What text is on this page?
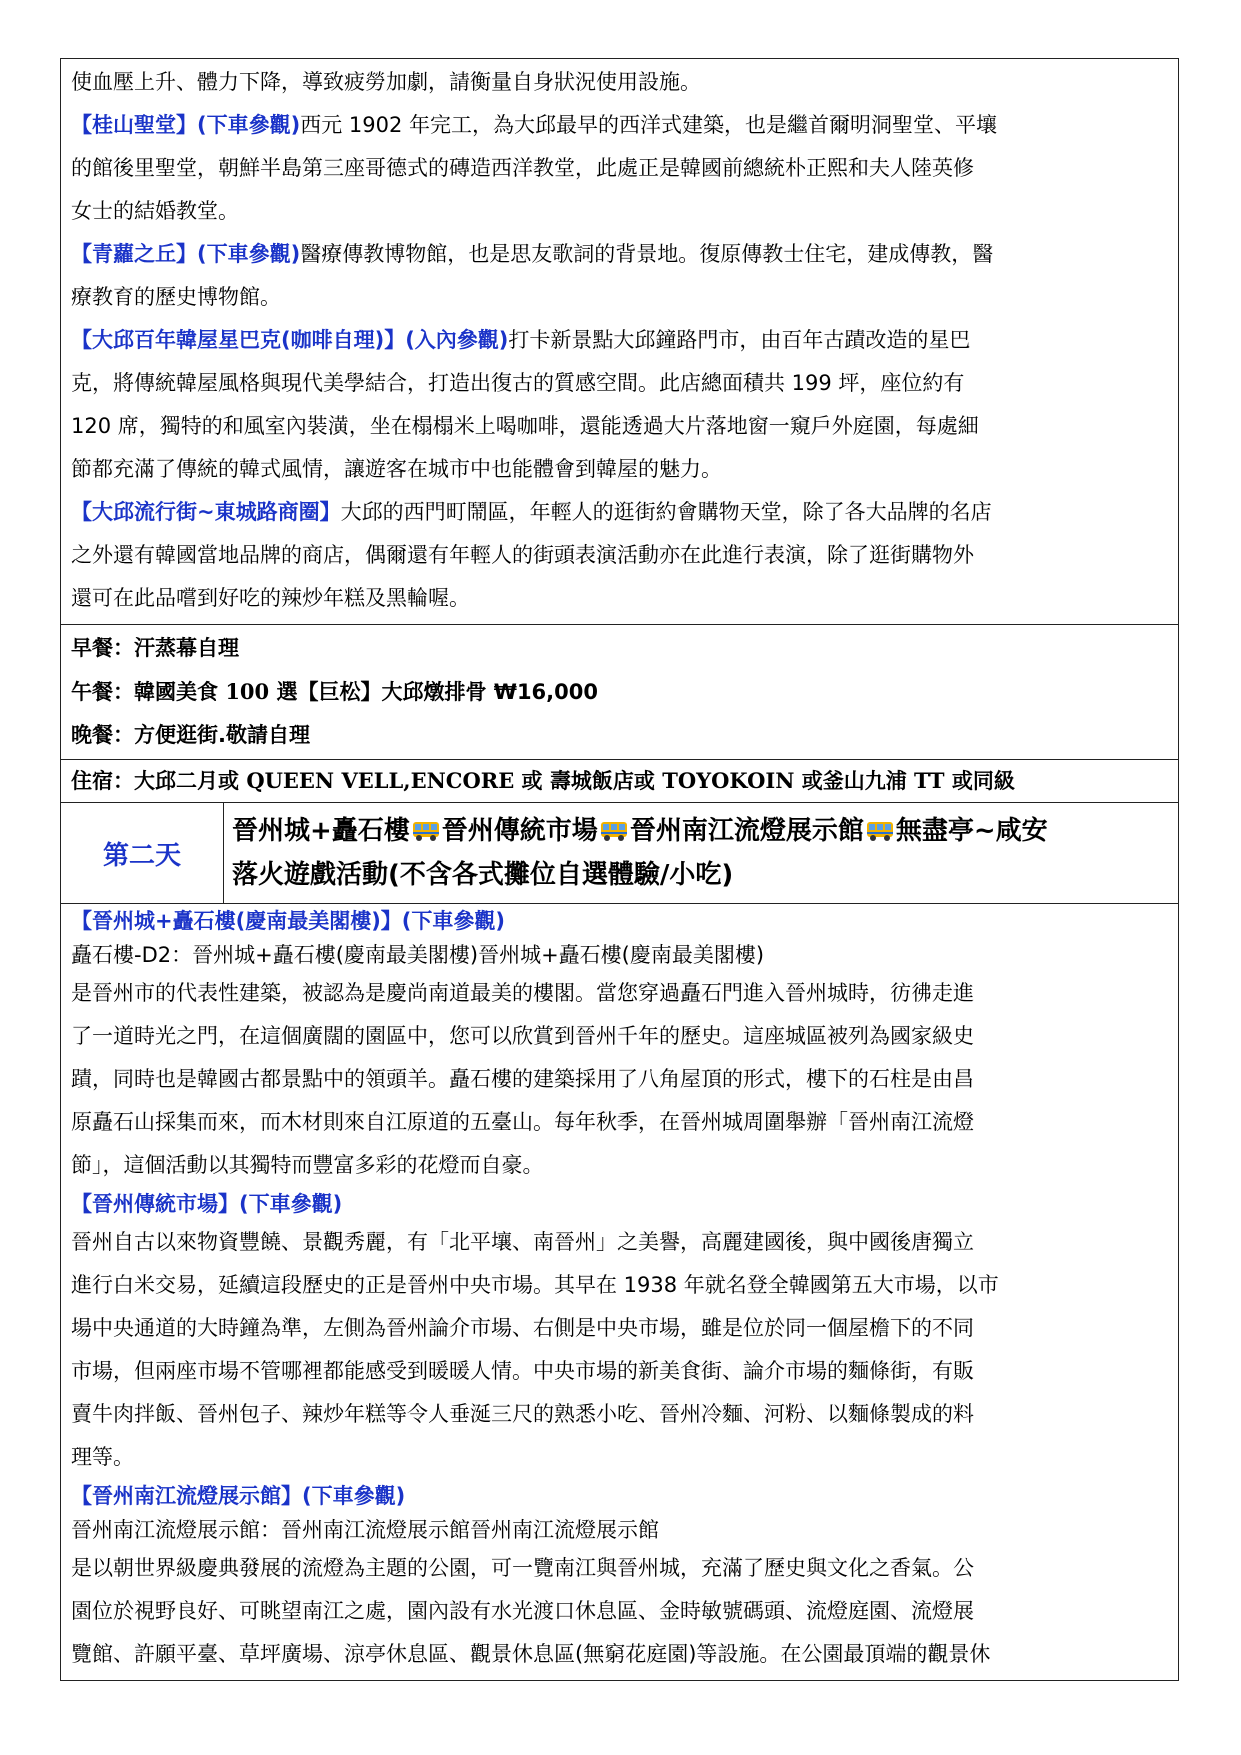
使血壓上升、體力下降，導致疲勞加劇，請衡量自身狀況使用設施。

【桂山聖堂】(下車參觀)西元 1902 年完工，為大邱最早的西洋式建築，也是繼首爾明洞聖堂、平壤
的館後里聖堂，朝鮮半島第三座哥德式的磚造西洋教堂，此處正是韓國前總統朴正熙和夫人陸英修
女士的結婚教堂。

【青蘿之丘】(下車參觀)醫療傳教博物館，也是思友歌詞的背景地。復原傳教士住宅，建成傳教，醫
療教育的歷史博物館。

【大邱百年韓屋星巴克(咖啡自理)】(入內參觀)打卡新景點大邱鐘路門市，由百年古蹟改造的星巴
克，將傳統韓屋風格與現代美學結合，打造出復古的質感空間。此店總面積共 199 坪，座位約有
120 席，獨特的和風室內裝潢，坐在榻榻米上喝咖啡，還能透過大片落地窗一窺戶外庭園，每處細
節都充滿了傳統的韓式風情，讓遊客在城市中也能體會到韓屋的魅力。

【大邱流行街~東城路商圈】大邱的西門町鬧區，年輕人的逛街約會購物天堂，除了各大品牌的名店
之外還有韓國當地品牌的商店，偶爾還有年輕人的街頭表演活動亦在此進行表演，除了逛街購物外
還可在此品嚐到好吃的辣炒年糕及黑輪喔。

早餐：汗蒸幕自理
午餐：韓國美食 100 選【巨松】大邱燉排骨 ₩16,000
晚餐：方便逛街.敬請自理
住宿：大邱二月或 QUEEN VELL,ENCORE 或 壽城飯店或 TOYOKOIN 或釜山九浦 TT 或同級
第二天
晉州城+矗石樓 晉州傳統市場 晉州南江流燈展示館 無盡亭~咸安
落火遊戲活動(不含各式攤位自選體驗/小吃)

【晉州城+矗石樓(慶南最美閣樓)】(下車參觀)

矗石樓-D2：晉州城+矗石樓(慶南最美閣樓)晉州城+矗石樓(慶南最美閣樓)

是晉州市的代表性建築，被認為是慶尚南道最美的樓閣。當您穿過矗石門進入晉州城時，彷彿走進
了一道時光之門，在這個廣闊的園區中，您可以欣賞到晉州千年的歷史。這座城區被列為國家級史
蹟，同時也是韓國古都景點中的領頭羊。矗石樓的建築採用了八角屋頂的形式，樓下的石柱是由昌
原矗石山採集而來，而木材則來自江原道的五臺山。每年秋季，在晉州城周圍舉辦「晉州南江流燈
節」，這個活動以其獨特而豐富多彩的花燈而自豪。

【晉州傳統市場】(下車參觀)

晉州自古以來物資豐饒、景觀秀麗，有「北平壤、南晉州」之美譽，高麗建國後，與中國後唐獨立
進行白米交易，延續這段歷史的正是晉州中央市場。其早在 1938 年就名登全韓國第五大市場，以市
場中央通道的大時鐘為準，左側為晉州論介市場、右側是中央市場，雖是位於同一個屋檐下的不同
市場，但兩座市場不管哪裡都能感受到暖暖人情。中央市場的新美食街、論介市場的麵條街，有販
賣牛肉拌飯、晉州包子、辣炒年糕等令人垂涎三尺的熟悉小吃、晉州冷麵、河粉、以麵條製成的料
理等。

【晉州南江流燈展示館】(下車參觀)

晉州南江流燈展示館：晉州南江流燈展示館晉州南江流燈展示館

是以朝世界級慶典發展的流燈為主題的公園，可一覽南江與晉州城，充滿了歷史與文化之香氣。公
園位於視野良好、可眺望南江之處，園內設有水光渡口休息區、金時敏號碼頭、流燈庭園、流燈展
覽館、許願平臺、草坪廣場、涼亭休息區、觀景休息區(無窮花庭園)等設施。在公園最頂端的觀景休
